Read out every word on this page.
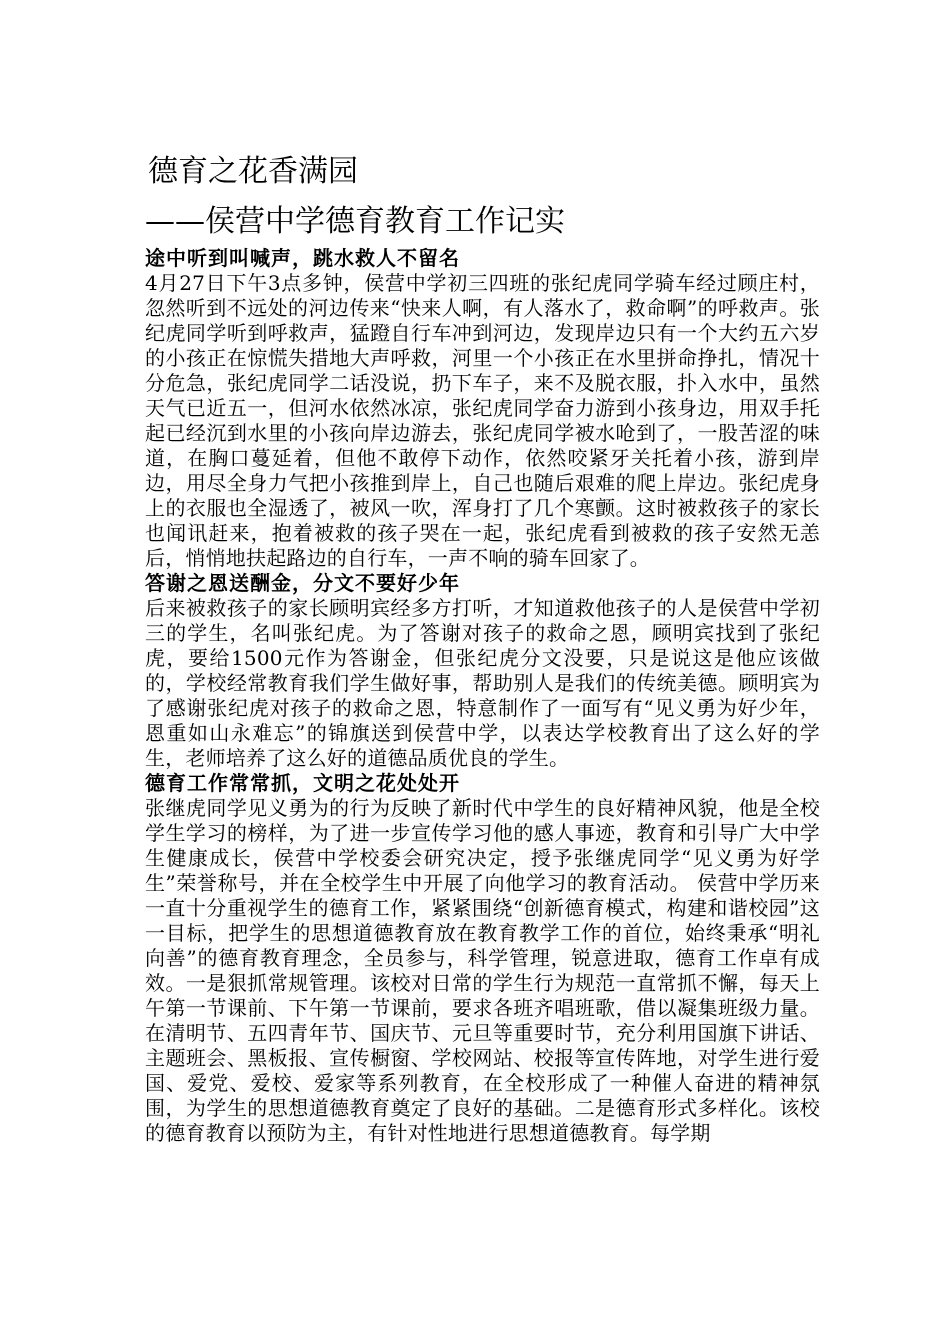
德育之花香满园
——侯营中学德育教育工作记实

途中听到叫喊声，跳水救人不留名

4月27日下午3点多钟，侯营中学初三四班的张纪虎同学骑车经过顾庄村，忽然听到不远处的河边传来“快来人啊，有人落水了，救命啊”的呼救声。张纪虎同学听到呼救声，猛蹬自行车冲到河边，发现岸边只有一个大约五六岁的小孩正在惊慌失措地大声呼救，河里一个小孩正在水里拼命挣扎，情况十分危急，张纪虎同学二话没说，扔下车子，来不及脱衣服，扑入水中，虽然天气已近五一，但河水依然冰凉，张纪虎同学奋力游到小孩身边，用双手托起已经沉到水里的小孩向岸边游去，张纪虎同学被水呛到了，一股苦涩的味道，在胸口蔓延着，但他不敢停下动作，依然咬紧牙关托着小孩，游到岸边，用尽全身力气把小孩推到岸上，自己也随后艰难的爬上岸边。张纪虎身上的衣服也全湿透了，被风一吹，浑身打了几个寒颤。这时被救孩子的家长也闻讯赶来，抱着被救的孩子哭在一起，张纪虎看到被救的孩子安然无恙后，悄悄地扶起路边的自行车，一声不响的骑车回家了。

答谢之恩送酬金，分文不要好少年

后来被救孩子的家长顾明宾经多方打听，才知道救他孩子的人是侯营中学初三的学生，名叫张纪虎。为了答谢对孩子的救命之恩，顾明宾找到了张纪虎，要给1500元作为答谢金，但张纪虎分文没要，只是说这是他应该做的，学校经常教育我们学生做好事，帮助别人是我们的传统美德。顾明宾为了感谢张纪虎对孩子的救命之恩，特意制作了一面写有“见义勇为好少年，恩重如山永难忘”的锦旗送到侯营中学，以表达学校教育出了这么好的学生，老师培养了这么好的道德品质优良的学生。

德育工作常常抓，文明之花处处开

张继虎同学见义勇为的行为反映了新时代中学生的良好精神风貌，他是全校学生学习的榜样，为了进一步宣传学习他的感人事迹，教育和引导广大中学生健康成长，侯营中学校委会研究决定，授予张继虎同学“见义勇为好学生”荣誉称号，并在全校学生中开展了向他学习的教育活动。 侯营中学历来一直十分重视学生的德育工作，紧紧围绕“创新德育模式，构建和谐校园”这一目标，把学生的思想道德教育放在教育教学工作的首位，始终秉承“明礼向善”的德育教育理念，全员参与，科学管理，锐意进取，德育工作卓有成效。一是狠抓常规管理。该校对日常的学生行为规范一直常抓不懈，每天上午第一节课前、下午第一节课前，要求各班齐唱班歌，借以凝集班级力量。在清明节、五四青年节、国庆节、元旦等重要时节，充分利用国旗下讲话、主题班会、黑板报、宣传橱窗、学校网站、校报等宣传阵地，对学生进行爱国、爱党、爱校、爱家等系列教育，在全校形成了一种催人奋进的精神氛围，为学生的思想道德教育奠定了良好的基础。二是德育形式多样化。该校的德育教育以预防为主，有针对性地进行思想道德教育。每学期
